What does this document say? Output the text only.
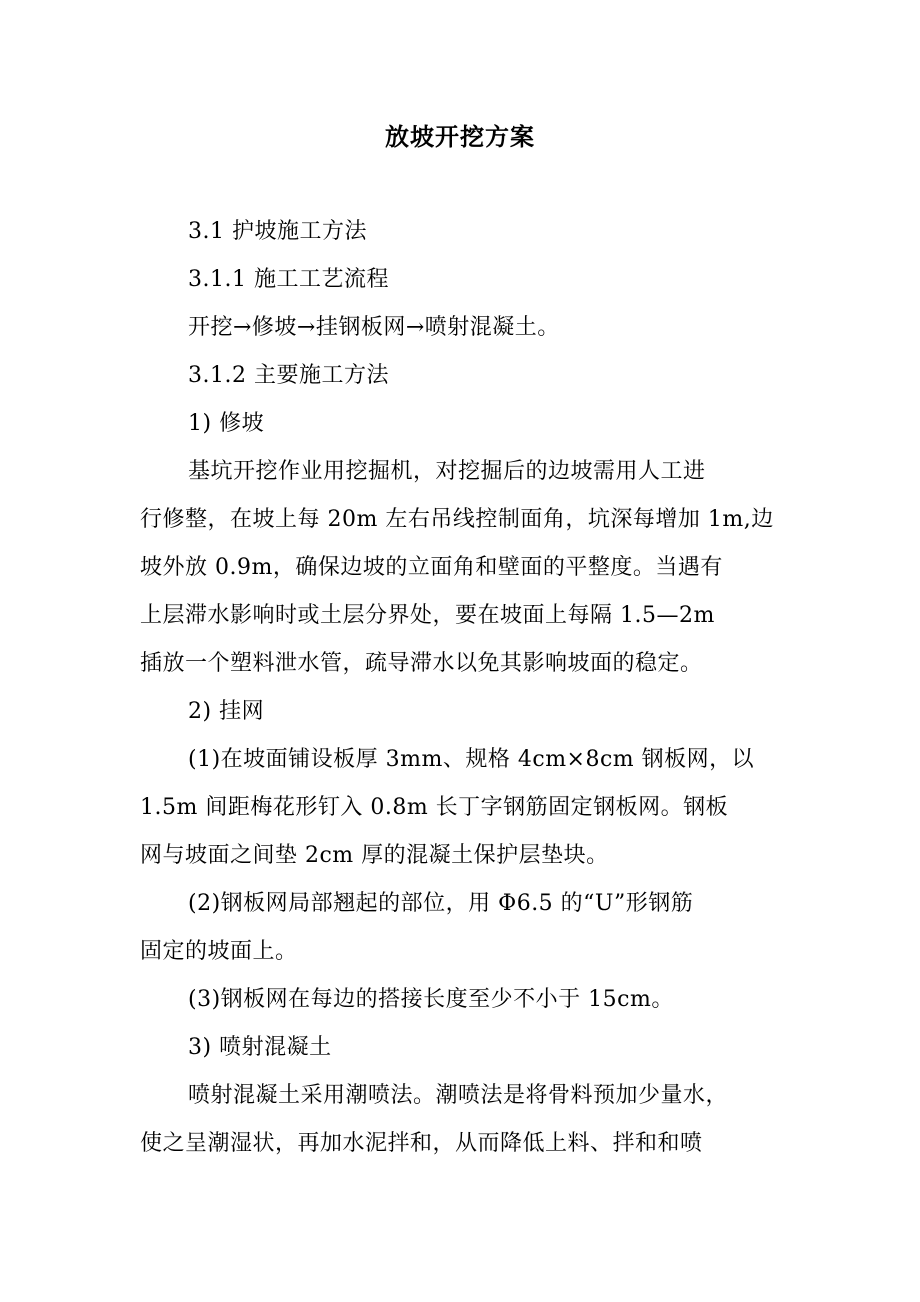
放坡开挖方案
3.1 护坡施工方法
3.1.1 施工工艺流程
开挖→修坡→挂钢板网→喷射混凝土。
3.1.2 主要施工方法
1) 修坡
基坑开挖作业用挖掘机，对挖掘后的边坡需用人工进
行修整，在坡上每 20m 左右吊线控制面角，坑深每增加 1m,边
坡外放 0.9m，确保边坡的立面角和壁面的平整度。当遇有
上层滞水影响时或土层分界处，要在坡面上每隔 1.5—2m
插放一个塑料泄水管，疏导滞水以免其影响坡面的稳定。
2) 挂网
(1)在坡面铺设板厚 3mm、规格 4cm×8cm 钢板网，以
1.5m 间距梅花形钉入 0.8m 长丁字钢筋固定钢板网。钢板
网与坡面之间垫 2cm 厚的混凝土保护层垫块。
(2)钢板网局部翘起的部位，用 Φ6.5 的“U”形钢筋
固定的坡面上。
(3)钢板网在每边的搭接长度至少不小于 15cm。
3) 喷射混凝土
喷射混凝土采用潮喷法。潮喷法是将骨料预加少量水，
使之呈潮湿状，再加水泥拌和，从而降低上料、拌和和喷
